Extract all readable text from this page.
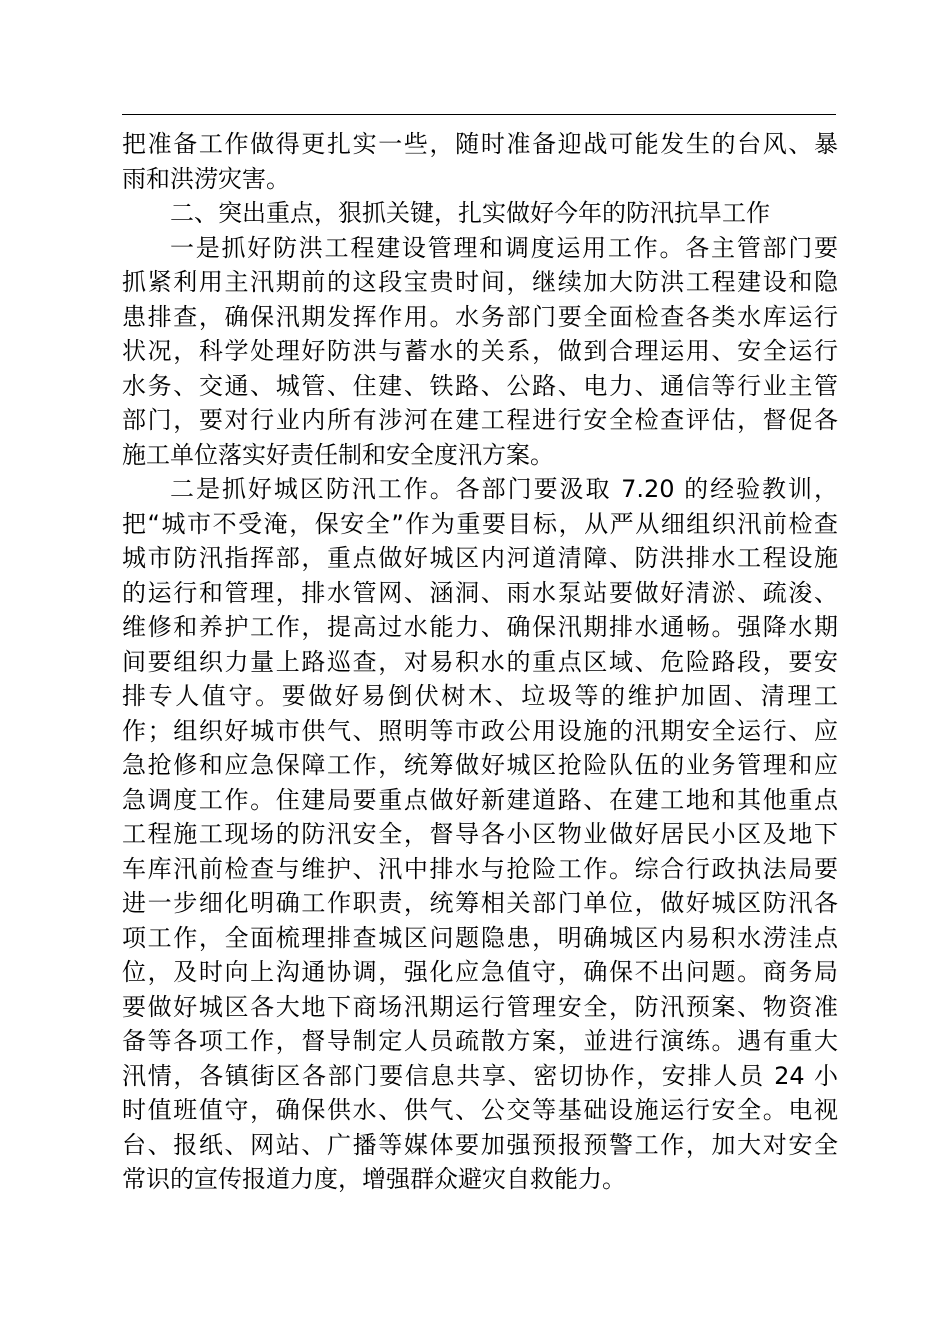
把准备工作做得更扎实一些，随时准备迎战可能发生的台风、暴
雨和洪涝灾害。
二、突出重点，狠抓关键，扎实做好今年的防汛抗旱工作
一是抓好防洪工程建设管理和调度运用工作。各主管部门要
抓紧利用主汛期前的这段宝贵时间，继续加大防洪工程建设和隐
患排查，确保汛期发挥作用。水务部门要全面检查各类水库运行
状况，科学处理好防洪与蓄水的关系，做到合理运用、安全运行
水务、交通、城管、住建、铁路、公路、电力、通信等行业主管
部门，要对行业内所有涉河在建工程进行安全检查评估，督促各
施工单位落实好责任制和安全度汛方案。
二是抓好城区防汛工作。各部门要汲取 7.20 的经验教训，
把“城市不受淹，保安全”作为重要目标，从严从细组织汛前检查
城市防汛指挥部，重点做好城区内河道清障、防洪排水工程设施
的运行和管理，排水管网、涵洞、雨水泵站要做好清淤、疏浚、
维修和养护工作，提高过水能力、确保汛期排水通畅。强降水期
间要组织力量上路巡查，对易积水的重点区域、危险路段，要安
排专人值守。要做好易倒伏树木、垃圾等的维护加固、清理工
作；组织好城市供气、照明等市政公用设施的汛期安全运行、应
急抢修和应急保障工作，统筹做好城区抢险队伍的业务管理和应
急调度工作。住建局要重点做好新建道路、在建工地和其他重点
工程施工现场的防汛安全，督导各小区物业做好居民小区及地下
车库汛前检查与维护、汛中排水与抢险工作。综合行政执法局要
进一步细化明确工作职责，统筹相关部门单位，做好城区防汛各
项工作，全面梳理排查城区问题隐患，明确城区内易积水涝洼点
位，及时向上沟通协调，强化应急值守，确保不出问题。商务局
要做好城区各大地下商场汛期运行管理安全，防汛预案、物资准
备等各项工作，督导制定人员疏散方案，並进行演练。遇有重大
汛情，各镇街区各部门要信息共享、密切协作，安排人员 24 小
时值班值守，确保供水、供气、公交等基础设施运行安全。电视
台、报纸、网站、广播等媒体要加强预报预警工作，加大对安全
常识的宣传报道力度，增强群众避灾自救能力。
